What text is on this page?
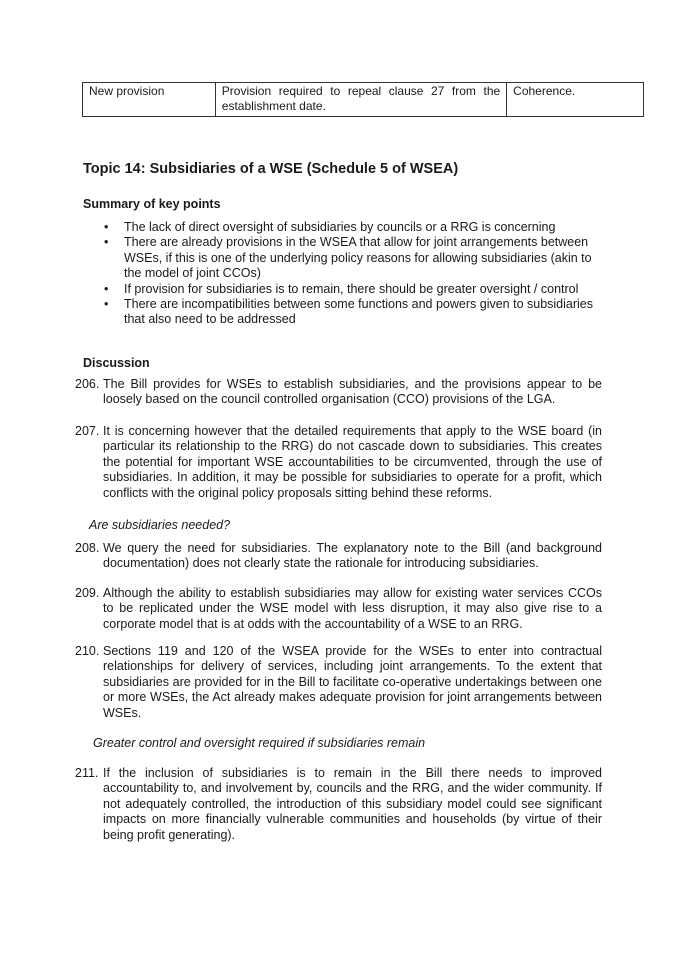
New provision	Provision required to repeal clause 27 from the establishment date.	Coherence.
Topic 14: Subsidiaries of a WSE (Schedule 5 of WSEA)
Summary of key points
• The lack of direct oversight of subsidiaries by councils or a RRG is concerning
• There are already provisions in the WSEA that allow for joint arrangements between WSEs, if this is one of the underlying policy reasons for allowing subsidiaries (akin to the model of joint CCOs)
• If provision for subsidiaries is to remain, there should be greater oversight / control
• There are incompatibilities between some functions and powers given to subsidiaries that also need to be addressed
Discussion

206. The Bill provides for WSEs to establish subsidiaries, and the provisions appear to be loosely based on the council controlled organisation (CCO) provisions of the LGA.

207. It is concerning however that the detailed requirements that apply to the WSE board (in particular its relationship to the RRG) do not cascade down to subsidiaries. This creates the potential for important WSE accountabilities to be circumvented, through the use of subsidiaries. In addition, it may be possible for subsidiaries to operate for a profit, which conflicts with the original policy proposals sitting behind these reforms.

Are subsidiaries needed?

208. We query the need for subsidiaries. The explanatory note to the Bill (and background documentation) does not clearly state the rationale for introducing subsidiaries.

209. Although the ability to establish subsidiaries may allow for existing water services CCOs to be replicated under the WSE model with less disruption, it may also give rise to a corporate model that is at odds with the accountability of a WSE to an RRG.

210. Sections 119 and 120 of the WSEA provide for the WSEs to enter into contractual relationships for delivery of services, including joint arrangements. To the extent that subsidiaries are provided for in the Bill to facilitate co-operative undertakings between one or more WSEs, the Act already makes adequate provision for joint arrangements between WSEs.

Greater control and oversight required if subsidiaries remain

211. If the inclusion of subsidiaries is to remain in the Bill there needs to improved accountability to, and involvement by, councils and the RRG, and the wider community. If not adequately controlled, the introduction of this subsidiary model could see significant impacts on more financially vulnerable communities and households (by virtue of their being profit generating).
